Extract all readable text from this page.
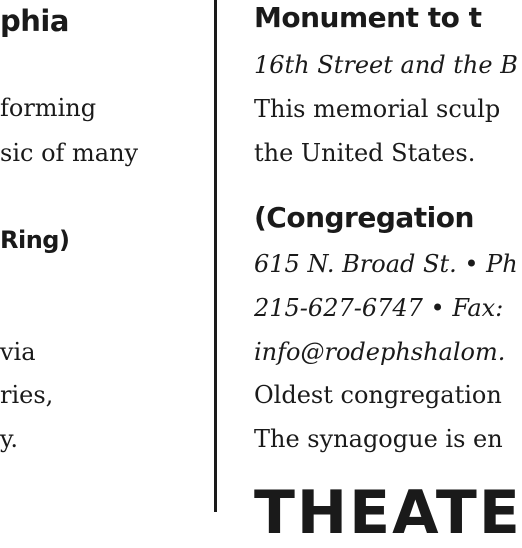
phia
forming
sic of many
Ring)
via
ries,
y.
Monument to t
16th Street and the B
This memorial sculp
the United States.
(Congregation
615 N. Broad St. • Ph
215-627-6747 • Fax:
info@rodephshalom.
Oldest congregation
The synagogue is en
THEATE
